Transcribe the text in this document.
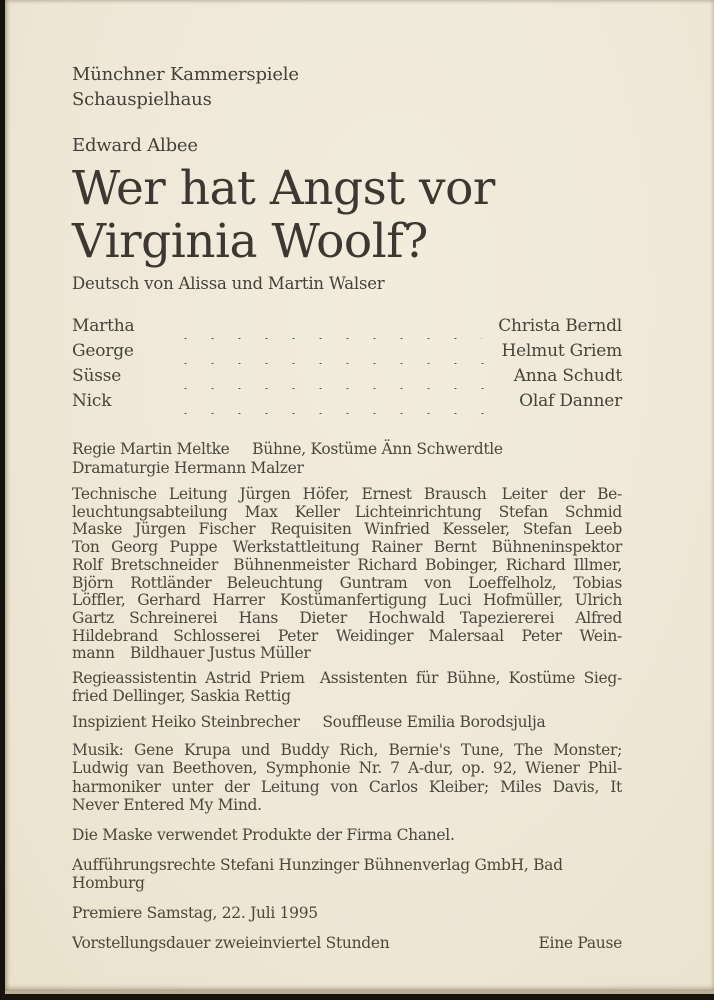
Münchner Kammerspiele
Schauspielhaus
Edward Albee
Wer hat Angst vor
Virginia Woolf?
Deutsch von Alissa und Martin Walser
Martha	Christa Berndl
George	Helmut Griem
Süsse	Anna Schudt
Nick	Olaf Danner
Regie Martin Meltke  Bühne, Kostüme Änn Schwerdtle
Dramaturgie Hermann Malzer
Technische Leitung Jürgen Höfer, Ernest Brausch Leiter der Be-
leuchtungsabteilung Max Keller Lichteinrichtung Stefan Schmid
Maske Jürgen Fischer Requisiten Winfried Kesseler, Stefan Leeb
Ton Georg Puppe Werkstattleitung Rainer Bernt Bühneninspektor
Rolf Bretschneider Bühnenmeister Richard Bobinger, Richard Illmer,
Björn Rottländer Beleuchtung Guntram von Loeffelholz, Tobias
Löffler, Gerhard Harrer Kostümanfertigung Luci Hofmüller, Ulrich
Gartz Schreinerei Hans Dieter Hochwald Tapeziererei Alfred
Hildebrand Schlosserei Peter Weidinger Malersaal Peter Wein-
mann Bildhauer Justus Müller
Regieassistentin Astrid Priem Assistenten für Bühne, Kostüme Sieg-
fried Dellinger, Saskia Rettig
Inspizient Heiko Steinbrecher  Souffleuse Emilia Borodsjulja
Musik: Gene Krupa und Buddy Rich, Bernie's Tune, The Monster;
Ludwig van Beethoven, Symphonie Nr. 7 A-dur, op. 92, Wiener Phil-
harmoniker unter der Leitung von Carlos Kleiber; Miles Davis, It
Never Entered My Mind.
Die Maske verwendet Produkte der Firma Chanel.
Aufführungsrechte Stefani Hunzinger Bühnenverlag GmbH, Bad Homburg
Premiere Samstag, 22. Juli 1995
Vorstellungsdauer zweieinviertel Stunden	Eine Pause
